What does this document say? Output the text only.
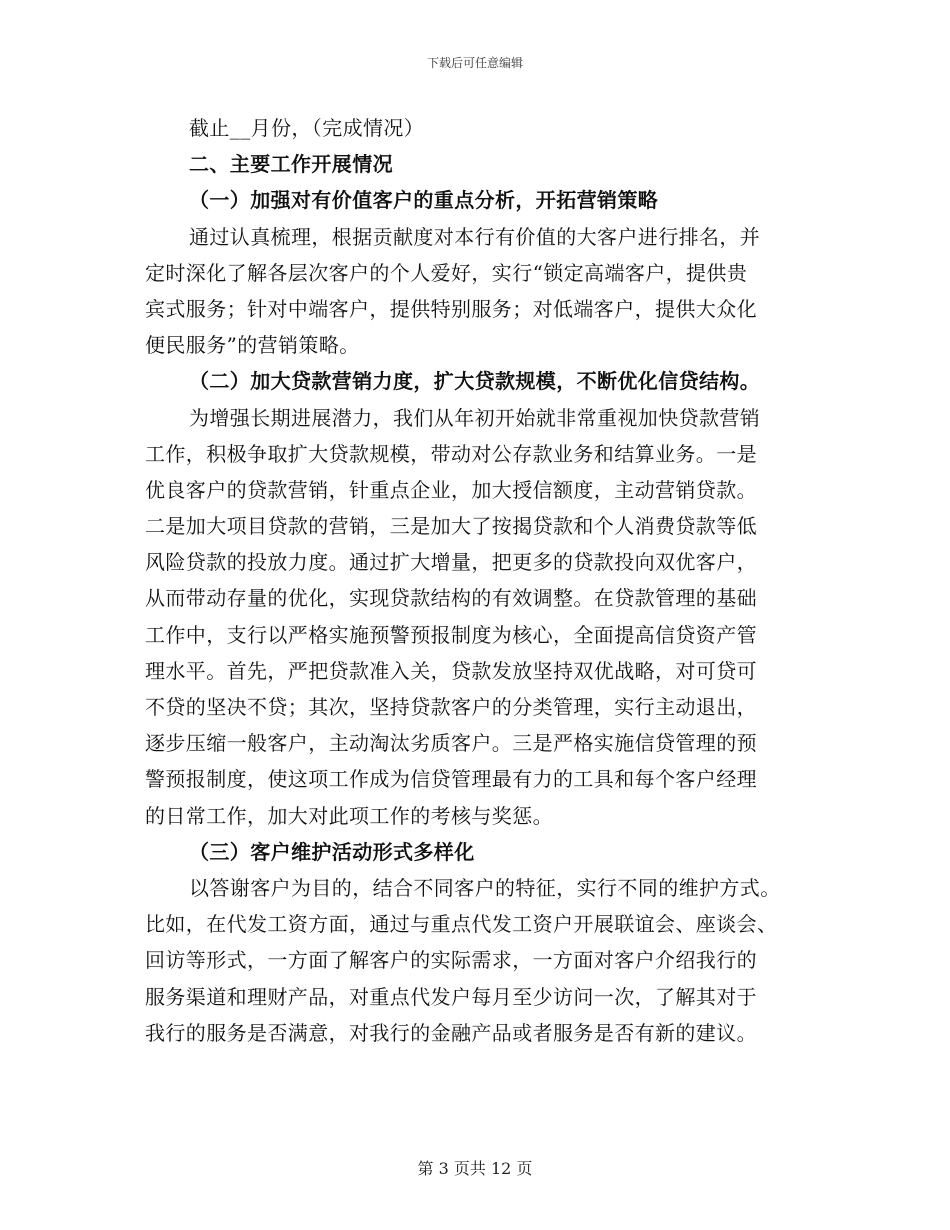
下载后可任意编辑
截止__月份，（完成情况）
二、主要工作开展情况
（一）加强对有价值客户的重点分析，开拓营销策略
通过认真梳理，根据贡献度对本行有价值的大客户进行排名，并
定时深化了解各层次客户的个人爱好，实行“锁定高端客户，提供贵
宾式服务；针对中端客户，提供特别服务；对低端客户，提供大众化
便民服务”的营销策略。
（二）加大贷款营销力度，扩大贷款规模，不断优化信贷结构。
为增强长期进展潜力，我们从年初开始就非常重视加快贷款营销
工作，积极争取扩大贷款规模，带动对公存款业务和结算业务。一是
优良客户的贷款营销，针重点企业，加大授信额度，主动营销贷款。
二是加大项目贷款的营销，三是加大了按揭贷款和个人消费贷款等低
风险贷款的投放力度。通过扩大增量，把更多的贷款投向双优客户，
从而带动存量的优化，实现贷款结构的有效调整。在贷款管理的基础
工作中，支行以严格实施预警预报制度为核心，全面提高信贷资产管
理水平。首先，严把贷款准入关，贷款发放坚持双优战略，对可贷可
不贷的坚决不贷；其次，坚持贷款客户的分类管理，实行主动退出，
逐步压缩一般客户，主动淘汰劣质客户。三是严格实施信贷管理的预
警预报制度，使这项工作成为信贷管理最有力的工具和每个客户经理
的日常工作，加大对此项工作的考核与奖惩。
（三）客户维护活动形式多样化
以答谢客户为目的，结合不同客户的特征，实行不同的维护方式。
比如，在代发工资方面，通过与重点代发工资户开展联谊会、座谈会、
回访等形式，一方面了解客户的实际需求，一方面对客户介绍我行的
服务渠道和理财产品，对重点代发户每月至少访问一次，了解其对于
我行的服务是否满意，对我行的金融产品或者服务是否有新的建议。
第 3 页共 12 页
